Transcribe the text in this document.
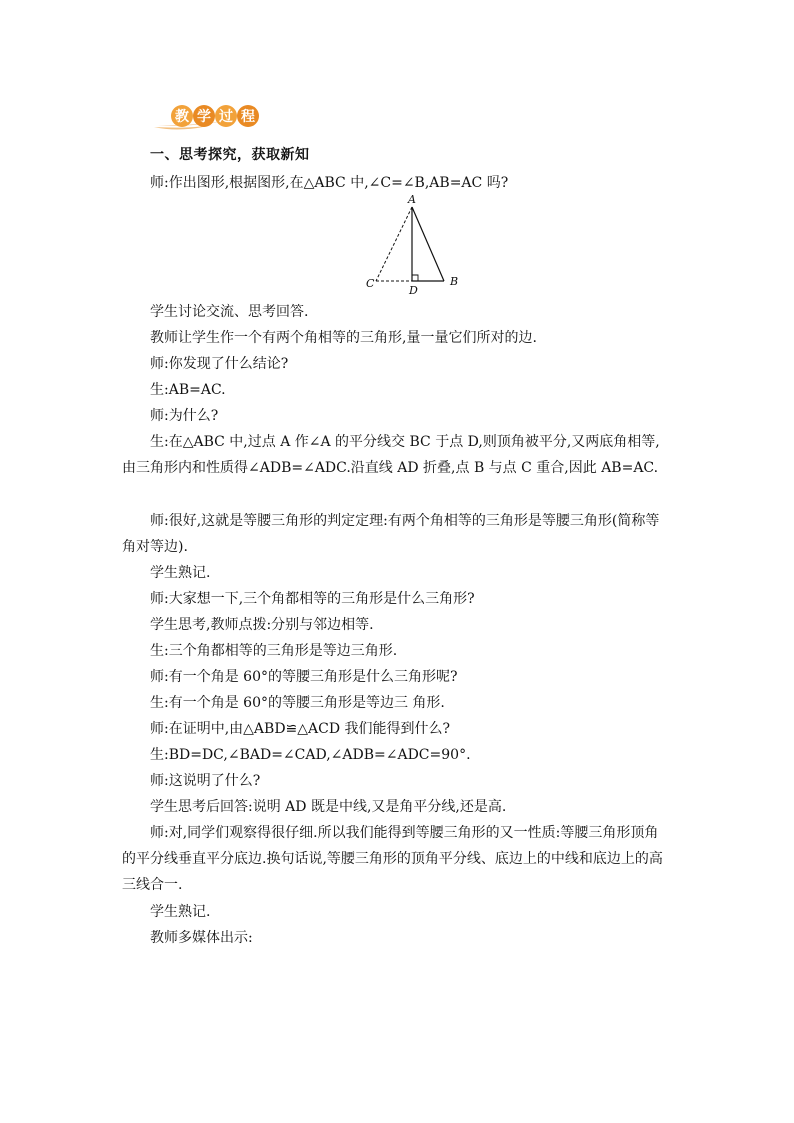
教 学 过 程
一、思考探究，获取新知
师:作出图形,根据图形,在△ABC 中,∠C=∠B,AB=AC 吗?
A
B
C
D
学生讨论交流、思考回答.
教师让学生作一个有两个角相等的三角形,量一量它们所对的边.
师:你发现了什么结论?
生:AB=AC.
师:为什么?
生:在△ABC 中,过点 A 作∠A 的平分线交 BC 于点 D,则顶角被平分,又两底角相等,由三角形内和性质得∠ADB=∠ADC.沿直线 AD 折叠,点 B 与点 C 重合,因此 AB=AC.
师:很好,这就是等腰三角形的判定定理:有两个角相等的三角形是等腰三角形(简称等角对等边).
学生熟记.
师:大家想一下,三个角都相等的三角形是什么三角形?
学生思考,教师点拨:分别与邻边相等.
生:三个角都相等的三角形是等边三角形.
师:有一个角是 60°的等腰三角形是什么三角形呢?
生:有一个角是 60°的等腰三角形是等边三 角形.
师:在证明中,由△ABD≌△ACD 我们能得到什么?
生:BD=DC,∠BAD=∠CAD,∠ADB=∠ADC=90°.
师:这说明了什么?
学生思考后回答:说明 AD 既是中线,又是角平分线,还是高.
师:对,同学们观察得很仔细.所以我们能得到等腰三角形的又一性质:等腰三角形顶角的平分线垂直平分底边.换句话说,等腰三角形的顶角平分线、底边上的中线和底边上的高三线合一.
学生熟记.
教师多媒体出示:
